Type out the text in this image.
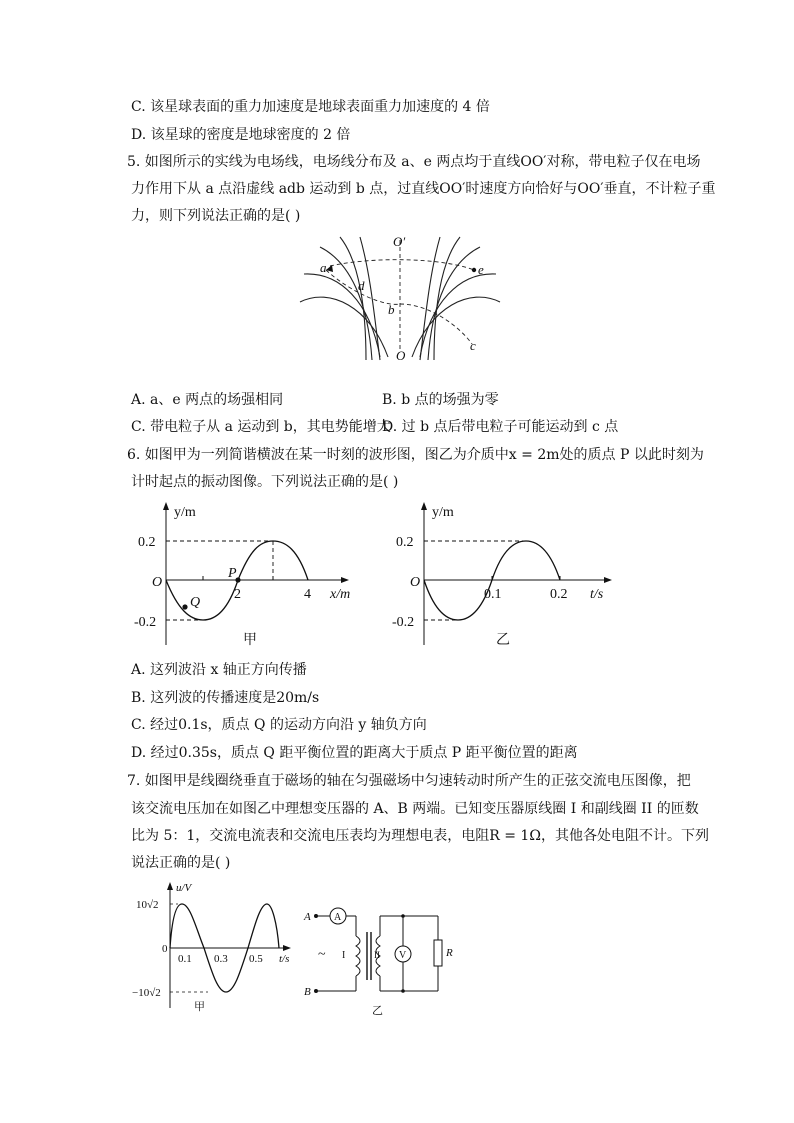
C. 该星球表面的重力加速度是地球表面重力加速度的 4 倍
D. 该星球的密度是地球密度的 2 倍
5. 如图所示的实线为电场线，电场线分布及 a、e 两点均于直线OO′对称，带电粒子仅在电场
力作用下从 a 点沿虚线 adb 运动到 b 点，过直线OO′时速度方向恰好与OO′垂直，不计粒子重
力，则下列说法正确的是( )
O′
O
a
d
b
e
c
A. a、e 两点的场强相同	B. b 点的场强为零
C. 带电粒子从 a 运动到 b，其电势能增大
D. 过 b 点后带电粒子可能运动到 c 点
6. 如图甲为一列简谐横波在某一时刻的波形图，图乙为介质中x = 2m处的质点 P 以此时刻为
计时起点的振动图像。下列说法正确的是( )
y/m
x/m
O
0.2
-0.2
2	4
P
Q
甲
y/m
t/s
O
0.2
-0.2
0.1	0.2
乙
A. 这列波沿 x 轴正方向传播
B. 这列波的传播速度是20m/s
C. 经过0.1s，质点 Q 的运动方向沿 y 轴负方向
D. 经过0.35s，质点 Q 距平衡位置的距离大于质点 P 距平衡位置的距离
7. 如图甲是线圈绕垂直于磁场的轴在匀强磁场中匀速转动时所产生的正弦交流电压图像，把
该交流电压加在如图乙中理想变压器的 A、B 两端。已知变压器原线圈 I 和副线圈 II 的匝数
比为 5：1，交流电流表和交流电压表均为理想电表，电阻R = 1Ω，其他各处电阻不计。下列
说法正确的是( )
u/V
t/s
0
10√2
−10√2
0.1 0.3 0.5
甲
A
B
A
V
~ I	II	R
乙
